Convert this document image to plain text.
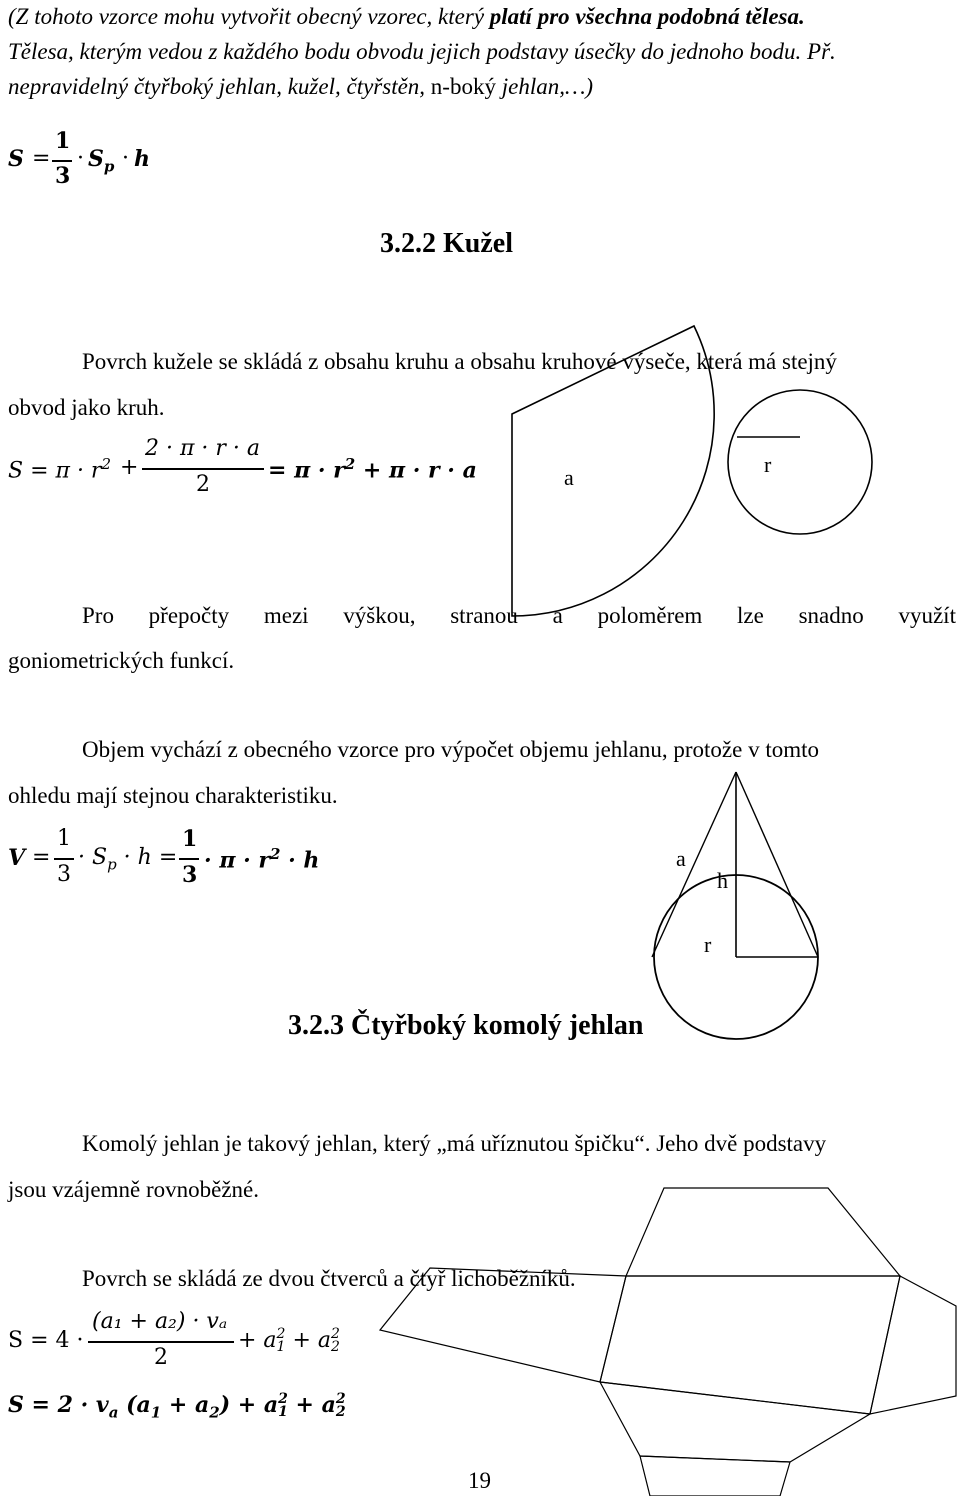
(Z tohoto vzorce mohu vytvořit obecný vzorec, který platí pro všechna podobná tělesa.
Tělesa, kterým vedou z každého bodu obvodu jejich podstavy úsečky do jednoho bodu. Př.
nepravidelný čtyřboký jehlan, kužel, čtyřstěn, n-boký jehlan,…)
S =
1
3
· $S_p \cdot h$
3.2.2 Kužel
Povrch kužele se skládá z obsahu kruhu a obsahu kruhové výseče, která má stejný
obvod jako kruh.
$S = \pi \cdot r^2$ +
2 · π · r · a
2
= $\pi \cdot r^2 + \pi \cdot r \cdot a$	a
r
Pro přepočty mezi výškou, stranou a poloměrem lze snadno využít
goniometrických funkcí.
Objem vychází z obecného vzorce pro výpočet objemu jehlanu, protože v tomto
ohledu mají stejnou charakteristiku.
V =
1
3
· $S_p \cdot h$ =
1
3
· $\pi \cdot r^2 \cdot h$	a
h
r
3.2.3 Čtyřboký komolý jehlan
Komolý jehlan je takový jehlan, který „má uříznutou špičku“. Jeho dvě podstavy
jsou vzájemně rovnoběžné.
Povrch se skládá ze dvou čtverců a čtyř lichoběžníků.
S = 4 ·
(a₁ + a₂) · vₐ
2
+ a 2
1 + a 2
2
$S = 2 \cdot v_a$ $(a_1 + a_2) + a$ 2
1 + a 2
2
19
